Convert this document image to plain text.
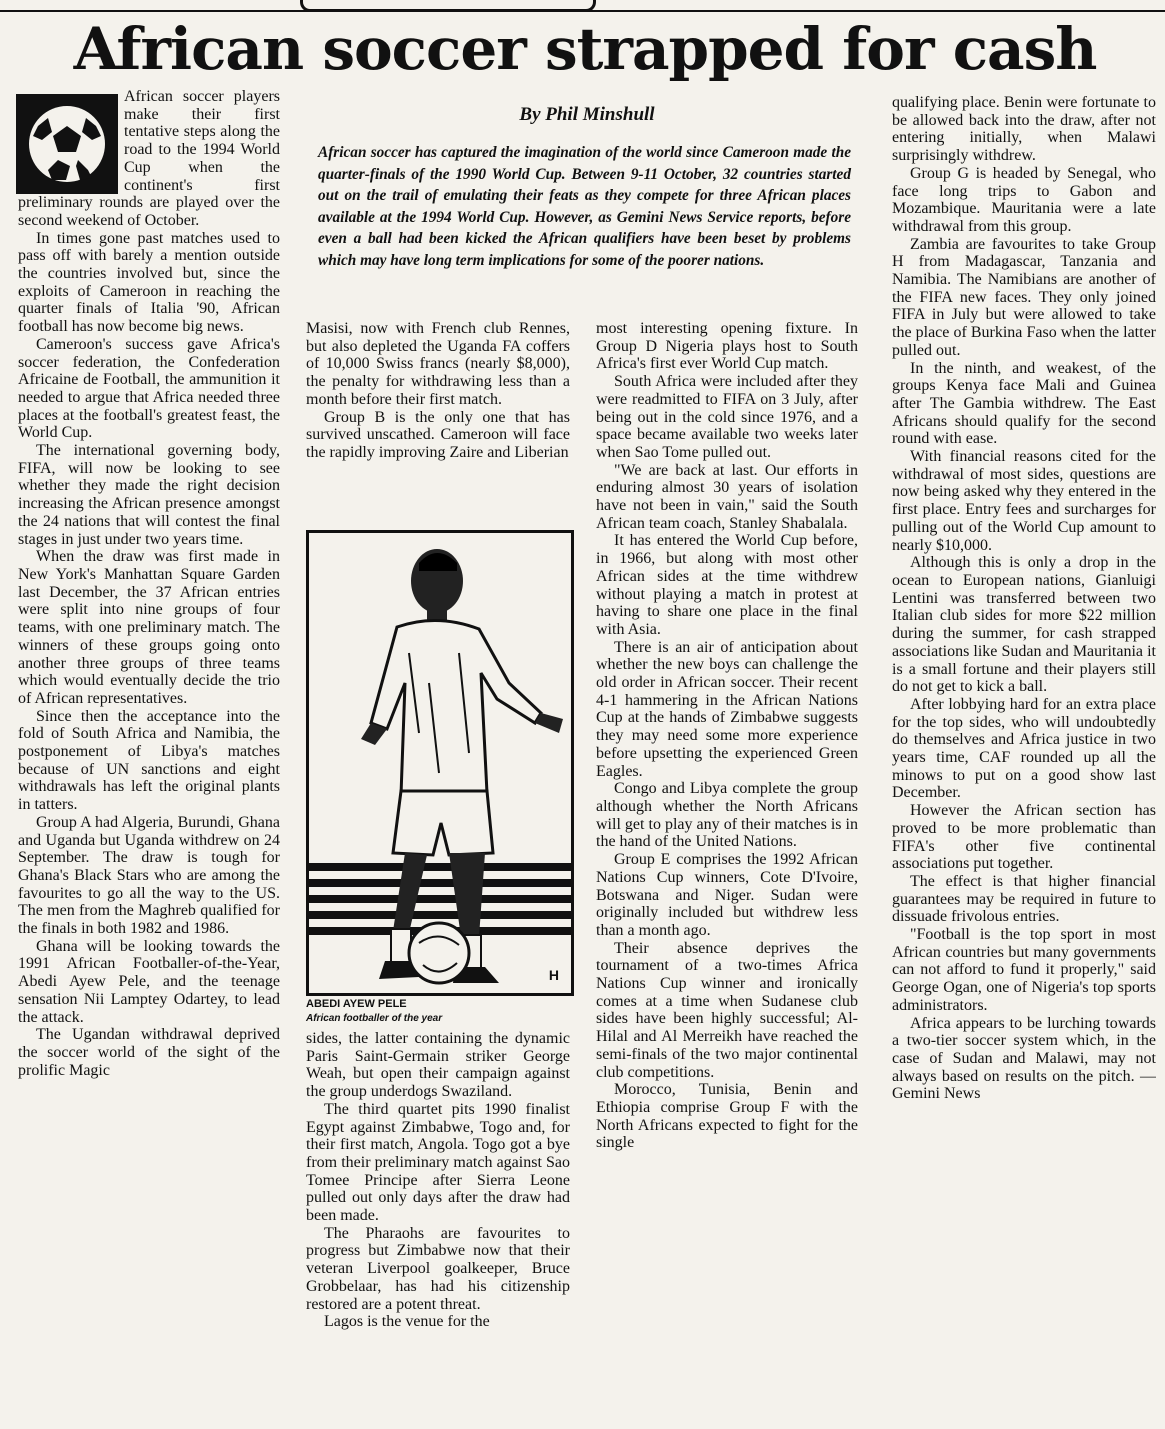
African soccer strapped for cash

African soccer players make their first tentative steps along the road to the 1994 World Cup when the continent's first preliminary rounds are played over the second weekend of October.

In times gone past matches used to pass off with barely a mention outside the countries involved but, since the exploits of Cameroon in reaching the quarter finals of Italia '90, African football has now become big news.

Cameroon's success gave Africa's soccer federation, the Confederation Africaine de Football, the ammunition it needed to argue that Africa needed three places at the football's greatest feast, the World Cup.

The international governing body, FIFA, will now be looking to see whether they made the right decision increasing the African presence amongst the 24 nations that will contest the final stages in just under two years time.

When the draw was first made in New York's Manhattan Square Garden last December, the 37 African entries were split into nine groups of four teams, with one preliminary match. The winners of these groups going onto another three groups of three teams which would eventually decide the trio of African representatives.

Since then the acceptance into the fold of South Africa and Namibia, the postponement of Libya's matches because of UN sanctions and eight withdrawals has left the original plants in tatters.

Group A had Algeria, Burundi, Ghana and Uganda but Uganda withdrew on 24 September. The draw is tough for Ghana's Black Stars who are among the favourites to go all the way to the US. The men from the Maghreb qualified for the finals in both 1982 and 1986.

Ghana will be looking towards the 1991 African Footballer-of-the-Year, Abedi Ayew Pele, and the teenage sensation Nii Lamptey Odartey, to lead the attack.

The Ugandan withdrawal deprived the soccer world of the sight of the prolific Magic

By Phil Minshull
African soccer has captured the imagination of the world since Cameroon made the quarter-finals of the 1990 World Cup. Between 9-11 October, 32 countries started out on the trail of emulating their feats as they compete for three African places available at the 1994 World Cup. However, as Gemini News Service reports, before even a ball had been kicked the African qualifiers have been beset by problems which may have long term implications for some of the poorer nations.

Masisi, now with French club Rennes, but also depleted the Uganda FA coffers of 10,000 Swiss francs (nearly $8,000), the penalty for withdrawing less than a month before their first match.

Group B is the only one that has survived unscathed. Cameroon will face the rapidly improving Zaire and Liberian

H
ABEDI AYEW PELE
African footballer of the year

sides, the latter containing the dynamic Paris Saint-Germain striker George Weah, but open their campaign against the group underdogs Swaziland.

The third quartet pits 1990 finalist Egypt against Zimbabwe, Togo and, for their first match, Angola. Togo got a bye from their preliminary match against Sao Tomee Principe after Sierra Leone pulled out only days after the draw had been made.

The Pharaohs are favourites to progress but Zimbabwe now that their veteran Liverpool goalkeeper, Bruce Grobbelaar, has had his citizenship restored are a potent threat.

Lagos is the venue for the

most interesting opening fixture. In Group D Nigeria plays host to South Africa's first ever World Cup match.

South Africa were included after they were readmitted to FIFA on 3 July, after being out in the cold since 1976, and a space became available two weeks later when Sao Tome pulled out.

"We are back at last. Our efforts in enduring almost 30 years of isolation have not been in vain," said the South African team coach, Stanley Shabalala.

It has entered the World Cup before, in 1966, but along with most other African sides at the time withdrew without playing a match in protest at having to share one place in the final with Asia.

There is an air of anticipation about whether the new boys can challenge the old order in African soccer. Their recent 4-1 hammering in the African Nations Cup at the hands of Zimbabwe suggests they may need some more experience before upsetting the experienced Green Eagles.

Congo and Libya complete the group although whether the North Africans will get to play any of their matches is in the hand of the United Nations.

Group E comprises the 1992 African Nations Cup winners, Cote D'Ivoire, Botswana and Niger. Sudan were originally included but withdrew less than a month ago.

Their absence deprives the tournament of a two-times Africa Nations Cup winner and ironically comes at a time when Sudanese club sides have been highly successful; Al-Hilal and Al Merreikh have reached the semi-finals of the two major continental club competitions.

Morocco, Tunisia, Benin and Ethiopia comprise Group F with the North Africans expected to fight for the single

qualifying place. Benin were fortunate to be allowed back into the draw, after not entering initially, when Malawi surprisingly withdrew.

Group G is headed by Senegal, who face long trips to Gabon and Mozambique. Mauritania were a late withdrawal from this group.

Zambia are favourites to take Group H from Madagascar, Tanzania and Namibia. The Namibians are another of the FIFA new faces. They only joined FIFA in July but were allowed to take the place of Burkina Faso when the latter pulled out.

In the ninth, and weakest, of the groups Kenya face Mali and Guinea after The Gambia withdrew. The East Africans should qualify for the second round with ease.

With financial reasons cited for the withdrawal of most sides, questions are now being asked why they entered in the first place. Entry fees and surcharges for pulling out of the World Cup amount to nearly $10,000.

Although this is only a drop in the ocean to European nations, Gianluigi Lentini was transferred between two Italian club sides for more $22 million during the summer, for cash strapped associations like Sudan and Mauritania it is a small fortune and their players still do not get to kick a ball.

After lobbying hard for an extra place for the top sides, who will undoubtedly do themselves and Africa justice in two years time, CAF rounded up all the minows to put on a good show last December.

However the African section has proved to be more problematic than FIFA's other five continental associations put together.

The effect is that higher financial guarantees may be required in future to dissuade frivolous entries.

"Football is the top sport in most African countries but many governments can not afford to fund it properly," said George Ogan, one of Nigeria's top sports administrators.

Africa appears to be lurching towards a two-tier soccer system which, in the case of Sudan and Malawi, may not always based on results on the pitch. — Gemini News
